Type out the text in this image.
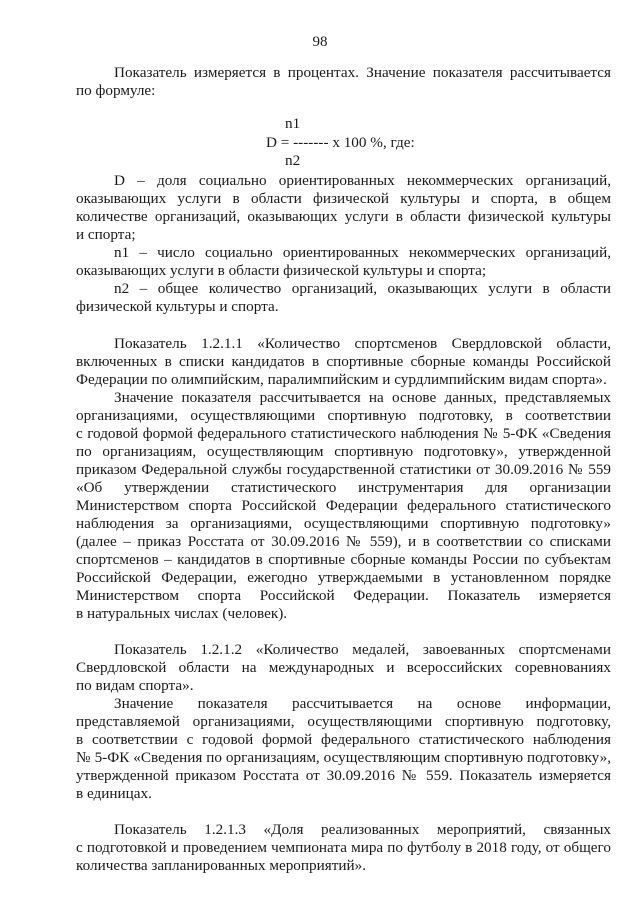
98
Показатель измеряется в процентах. Значение показателя рассчитывается
по формуле:
n1
D = ------- x 100 %, где:
n2
D – доля социально ориентированных некоммерческих организаций,
оказывающих услуги в области физической культуры и спорта, в общем
количестве организаций, оказывающих услуги в области физической культуры
и спорта;
n1 – число социально ориентированных некоммерческих организаций,
оказывающих услуги в области физической культуры и спорта;
n2 – общее количество организаций, оказывающих услуги в области
физической культуры и спорта.
Показатель 1.2.1.1 «Количество спортсменов Свердловской области,
включенных в списки кандидатов в спортивные сборные команды Российской
Федерации по олимпийским, паралимпийским и сурдлимпийским видам спорта».
Значение показателя рассчитывается на основе данных, представляемых
организациями, осуществляющими спортивную подготовку, в соответствии
с годовой формой федерального статистического наблюдения № 5-ФК «Сведения
по организациям, осуществляющим спортивную подготовку», утвержденной
приказом Федеральной службы государственной статистики от 30.09.2016 № 559
«Об утверждении статистического инструментария для организации
Министерством спорта Российской Федерации федерального статистического
наблюдения за организациями, осуществляющими спортивную подготовку»
(далее – приказ Росстата от 30.09.2016 № 559), и в соответствии со списками
спортсменов – кандидатов в спортивные сборные команды России по субъектам
Российской Федерации, ежегодно утверждаемыми в установленном порядке
Министерством спорта Российской Федерации. Показатель измеряется
в натуральных числах (человек).
Показатель 1.2.1.2 «Количество медалей, завоеванных спортсменами
Свердловской области на международных и всероссийских соревнованиях
по видам спорта».
Значение показателя рассчитывается на основе информации,
представляемой организациями, осуществляющими спортивную подготовку,
в соответствии с годовой формой федерального статистического наблюдения
№ 5-ФК «Сведения по организациям, осуществляющим спортивную подготовку»,
утвержденной приказом Росстата от 30.09.2016 № 559. Показатель измеряется
в единицах.
Показатель 1.2.1.3 «Доля реализованных мероприятий, связанных
с подготовкой и проведением чемпионата мира по футболу в 2018 году, от общего
количества запланированных мероприятий».
